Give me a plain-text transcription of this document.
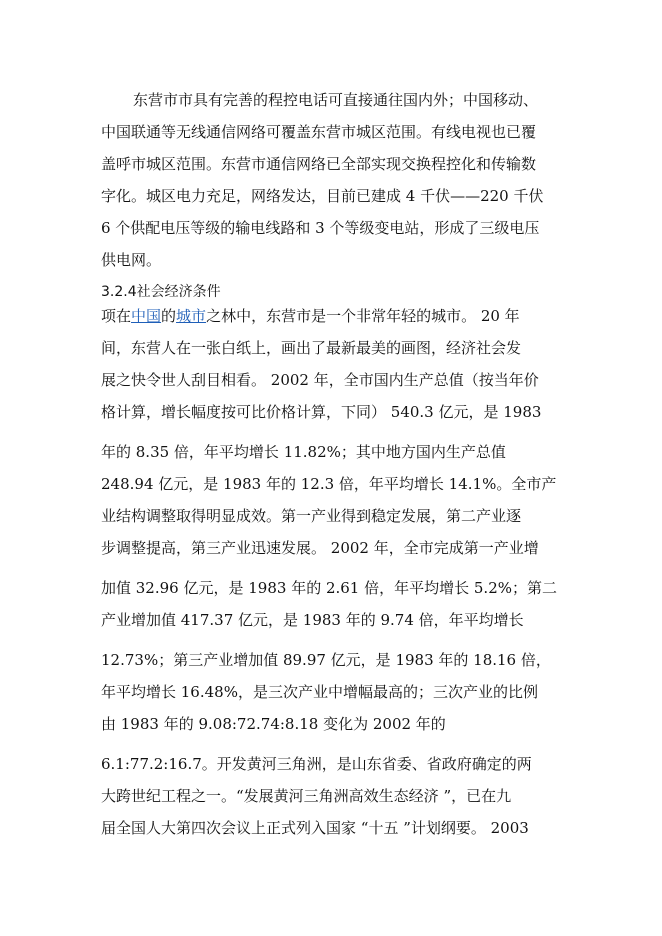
东营市市具有完善的程控电话可直接通往国内外；中国移动、
中国联通等无线通信网络可覆盖东营市城区范围。有线电视也已覆
盖呼市城区范围。东营市通信网络已全部实现交换程控化和传输数
字化。城区电力充足，网络发达，目前已建成 4 千伏——220 千伏
6 个供配电压等级的输电线路和 3 个等级变电站，形成了三级电压
供电网。
3.2.4社会经济条件
项在中国的城市之林中，东营市是一个非常年轻的城市。 20 年
间，东营人在一张白纸上，画出了最新最美的画图，经济社会发
展之快令世人刮目相看。 2002 年，全市国内生产总值（按当年价
格计算，增长幅度按可比价格计算，下同） 540.3 亿元，是 1983
年的 8.35 倍，年平均增长 11.82%；其中地方国内生产总值
248.94 亿元，是 1983 年的 12.3 倍，年平均增长 14.1%。全市产
业结构调整取得明显成效。第一产业得到稳定发展，第二产业逐
步调整提高，第三产业迅速发展。 2002 年，全市完成第一产业增
加值 32.96 亿元，是 1983 年的 2.61 倍，年平均增长 5.2%；第二
产业增加值 417.37 亿元，是 1983 年的 9.74 倍，年平均增长
12.73%；第三产业增加值 89.97 亿元，是 1983 年的 18.16 倍，
年平均增长 16.48%，是三次产业中增幅最高的；三次产业的比例
由 1983 年的 9.08:72.74:8.18 变化为 2002 年的
6.1:77.2:16.7。开发黄河三角洲，是山东省委、省政府确定的两
大跨世纪工程之一。“发展黄河三角洲高效生态经济 ”，已在九
届全国人大第四次会议上正式列入国家 “十五 ”计划纲要。 2003
